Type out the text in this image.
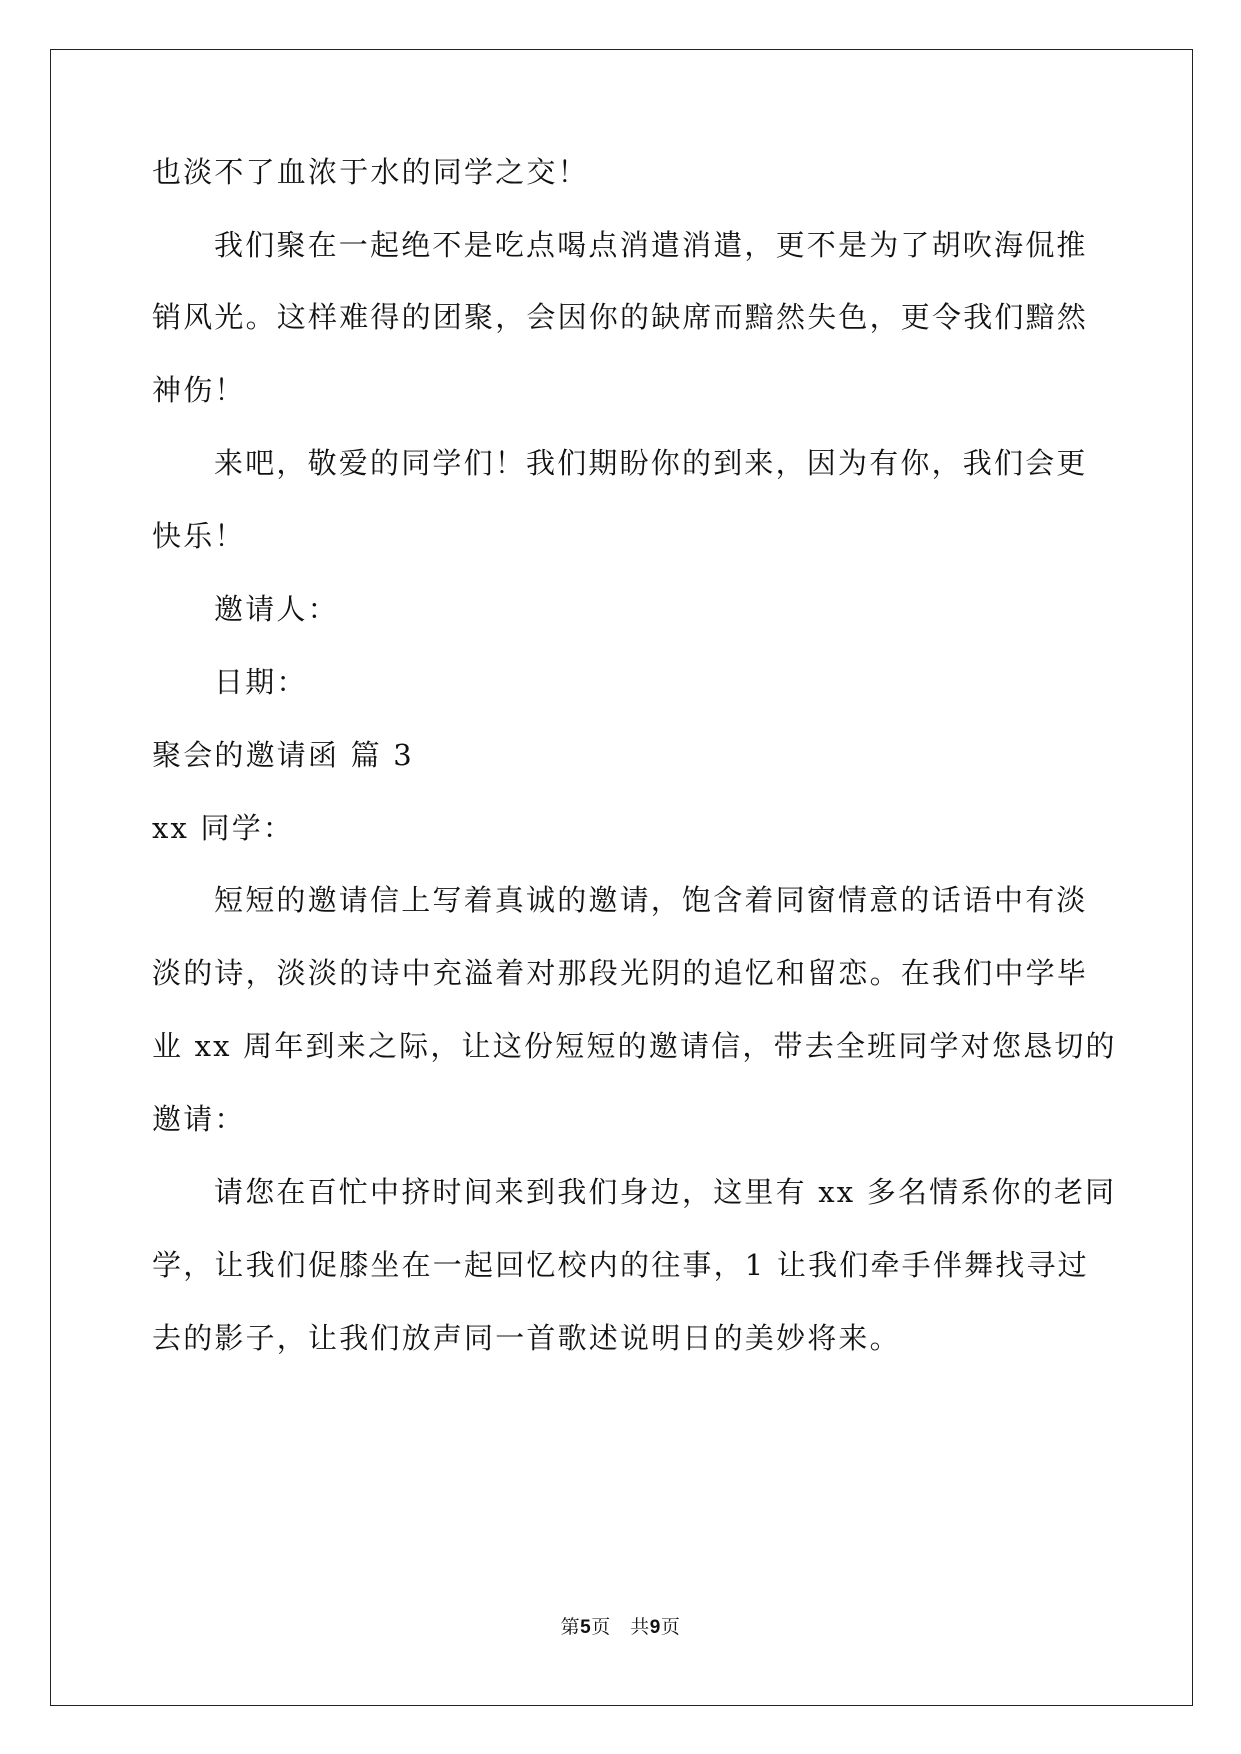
也淡不了血浓于水的同学之交！

我们聚在一起绝不是吃点喝点消遣消遣，更不是为了胡吹海侃推

销风光。这样难得的团聚，会因你的缺席而黯然失色，更令我们黯然

神伤！

来吧，敬爱的同学们！我们期盼你的到来，因为有你，我们会更

快乐！

邀请人：

日期：

聚会的邀请函 篇 3

xx 同学：

短短的邀请信上写着真诚的邀请，饱含着同窗情意的话语中有淡

淡的诗，淡淡的诗中充溢着对那段光阴的追忆和留恋。在我们中学毕

业 xx 周年到来之际，让这份短短的邀请信，带去全班同学对您恳切的

邀请：

请您在百忙中挤时间来到我们身边，这里有 xx 多名情系你的老同

学，让我们促膝坐在一起回忆校内的往事，1 让我们牵手伴舞找寻过

去的影子，让我们放声同一首歌述说明日的美妙将来。

第5页　共9页
